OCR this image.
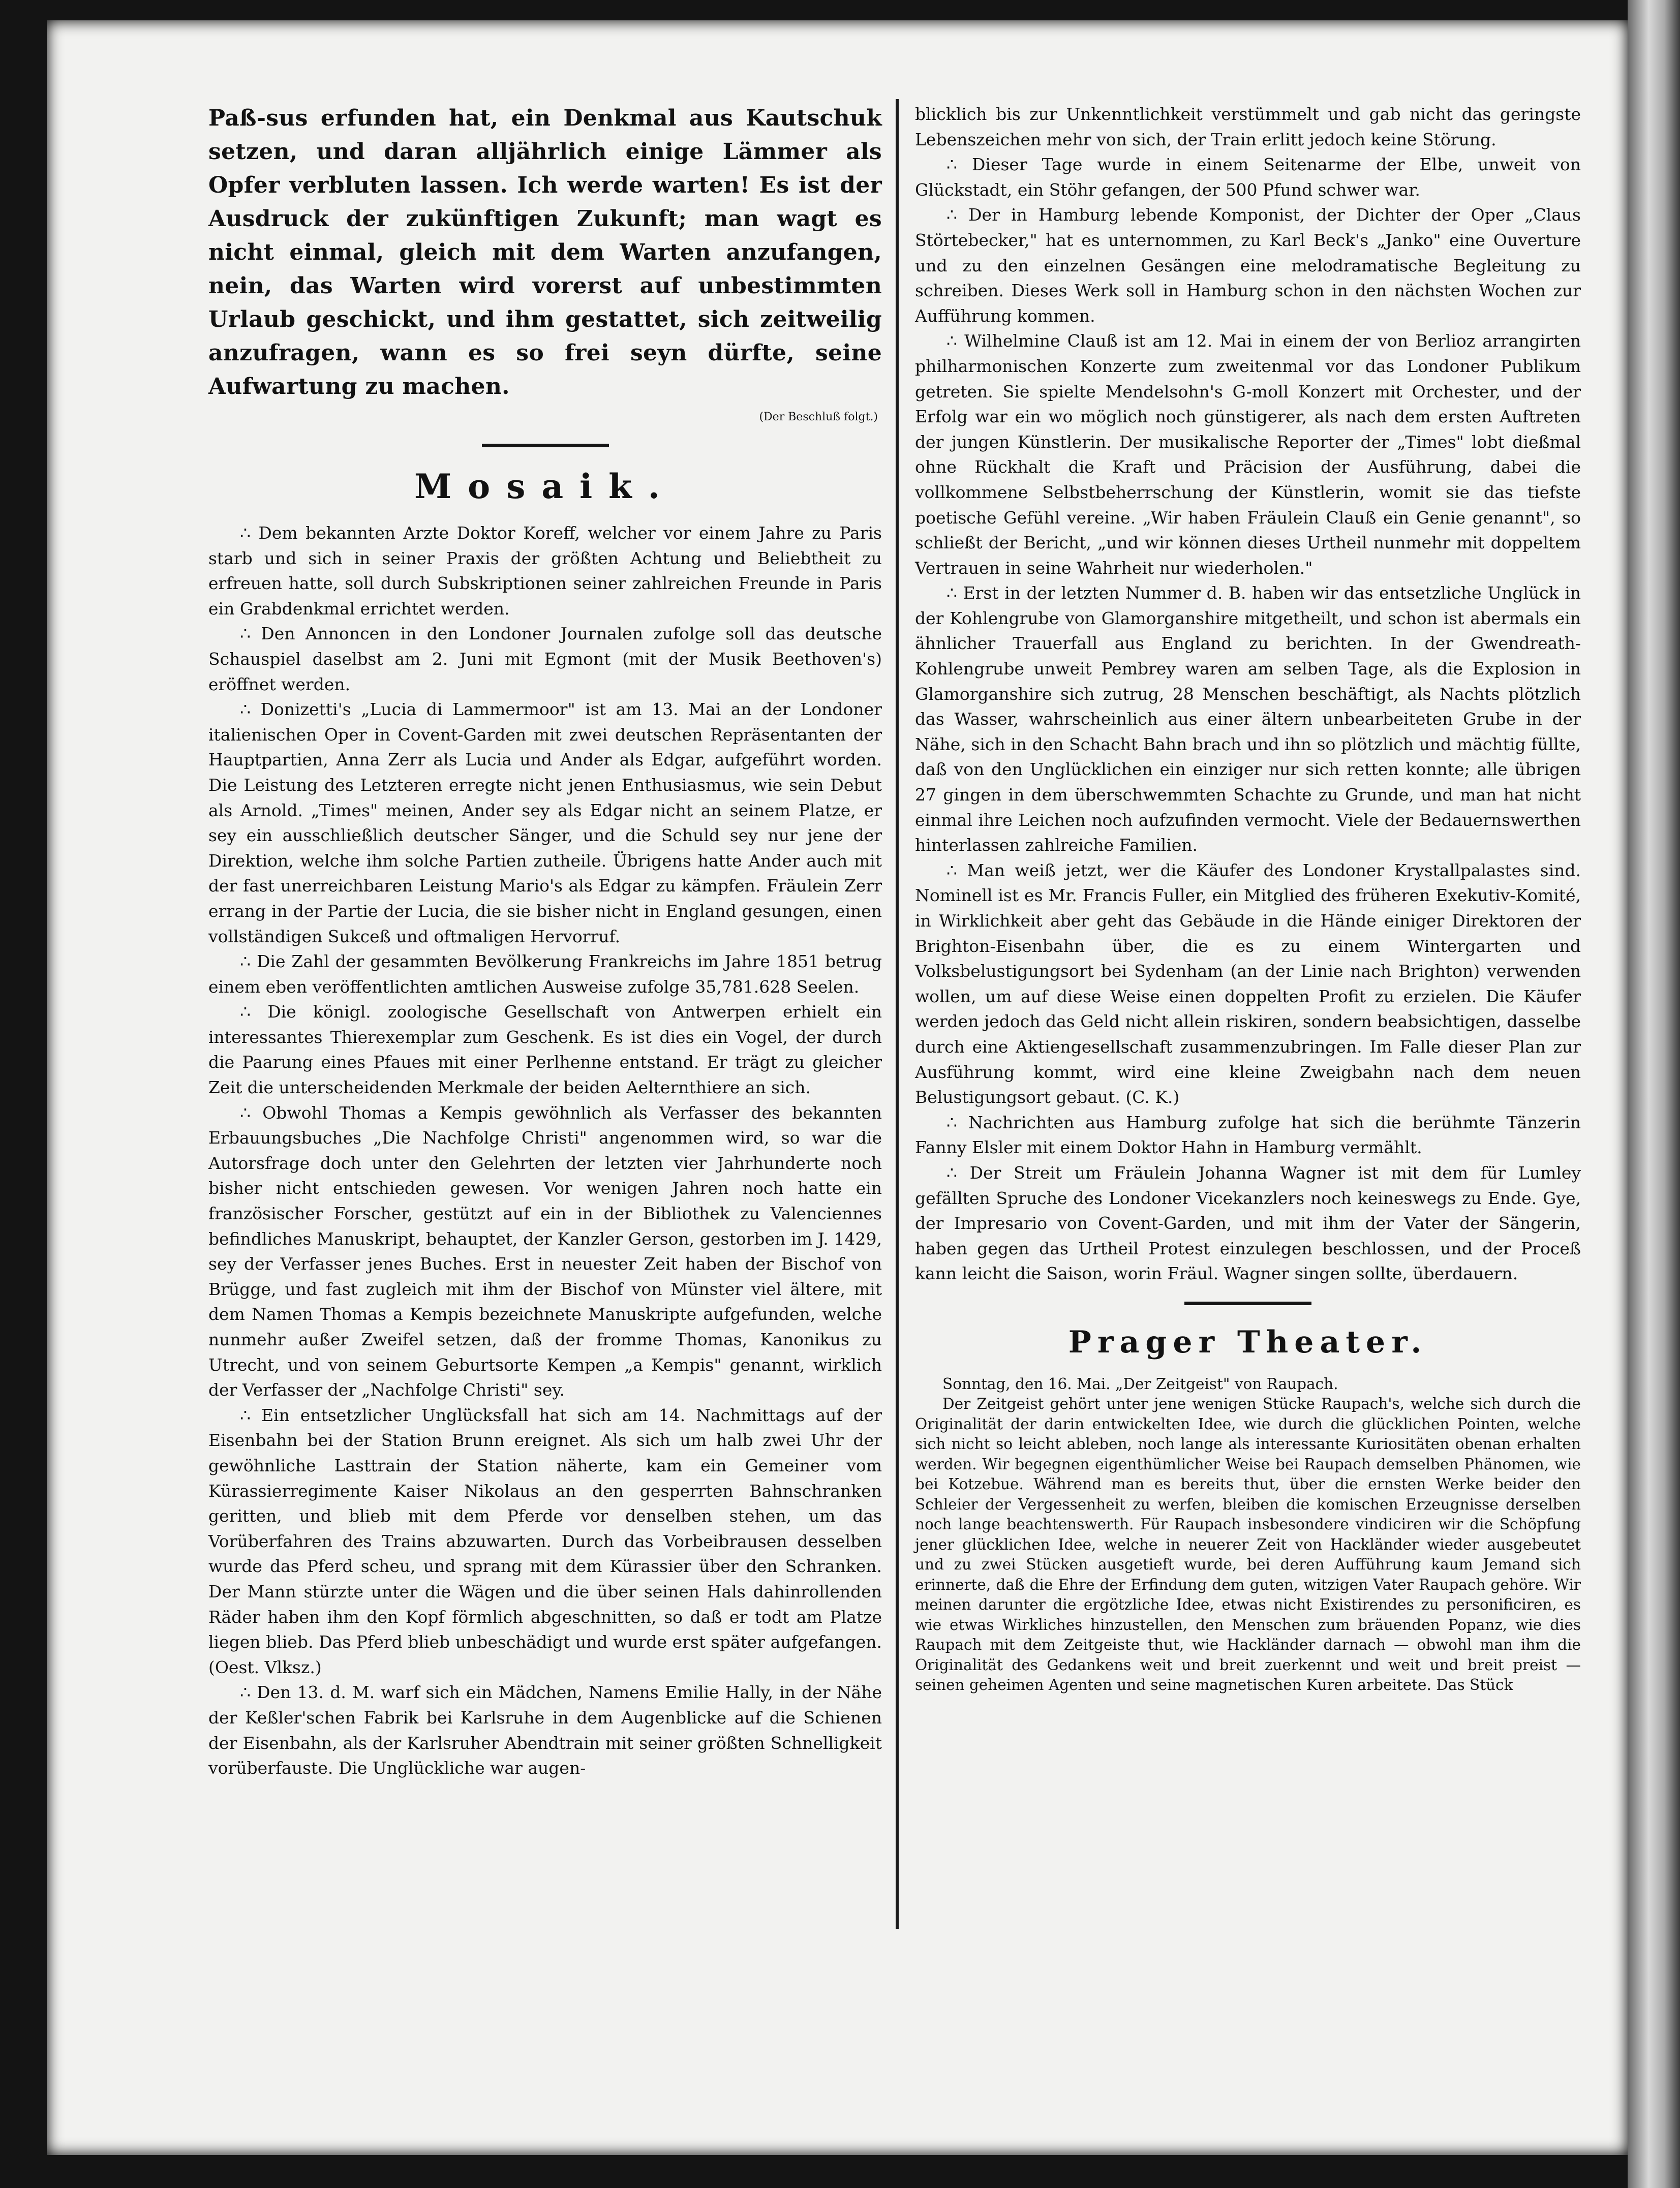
Paß-sus erfunden hat, ein Denkmal aus Kautschuk setzen, und daran alljährlich einige Lämmer als Opfer verbluten lassen. Ich werde warten! Es ist der Ausdruck der zukünftigen Zukunft; man wagt es nicht einmal, gleich mit dem Warten anzufangen, nein, das Warten wird vorerst auf unbestimmten Urlaub geschickt, und ihm gestattet, sich zeitweilig anzufragen, wann es so frei seyn dürfte, seine Aufwartung zu machen.

(Der Beschluß folgt.)

Mosaik.

∴ Dem bekannten Arzte Doktor Koreff, welcher vor einem Jahre zu Paris starb und sich in seiner Praxis der größten Achtung und Beliebtheit zu erfreuen hatte, soll durch Subskriptionen seiner zahlreichen Freunde in Paris ein Grabdenkmal errichtet werden.

∴ Den Annoncen in den Londoner Journalen zufolge soll das deutsche Schauspiel daselbst am 2. Juni mit Egmont (mit der Musik Beethoven's) eröffnet werden.

∴ Donizetti's „Lucia di Lammermoor" ist am 13. Mai an der Londoner italienischen Oper in Covent-Garden mit zwei deutschen Repräsentanten der Hauptpartien, Anna Zerr als Lucia und Ander als Edgar, aufgeführt worden. Die Leistung des Letzteren erregte nicht jenen Enthusiasmus, wie sein Debut als Arnold. „Times" meinen, Ander sey als Edgar nicht an seinem Platze, er sey ein ausschließlich deutscher Sänger, und die Schuld sey nur jene der Direktion, welche ihm solche Partien zutheile. Übrigens hatte Ander auch mit der fast unerreichbaren Leistung Mario's als Edgar zu kämpfen. Fräulein Zerr errang in der Partie der Lucia, die sie bisher nicht in England gesungen, einen vollständigen Sukceß und oftmaligen Hervorruf.

∴ Die Zahl der gesammten Bevölkerung Frankreichs im Jahre 1851 betrug einem eben veröffentlichten amtlichen Ausweise zufolge 35,781.628 Seelen.

∴ Die königl. zoologische Gesellschaft von Antwerpen erhielt ein interessantes Thierexemplar zum Geschenk. Es ist dies ein Vogel, der durch die Paarung eines Pfaues mit einer Perlhenne entstand. Er trägt zu gleicher Zeit die unterscheidenden Merkmale der beiden Aelternthiere an sich.

∴ Obwohl Thomas a Kempis gewöhnlich als Verfasser des bekannten Erbauungsbuches „Die Nachfolge Christi" angenommen wird, so war die Autorsfrage doch unter den Gelehrten der letzten vier Jahrhunderte noch bisher nicht entschieden gewesen. Vor wenigen Jahren noch hatte ein französischer Forscher, gestützt auf ein in der Bibliothek zu Valenciennes befindliches Manuskript, behauptet, der Kanzler Gerson, gestorben im J. 1429, sey der Verfasser jenes Buches. Erst in neuester Zeit haben der Bischof von Brügge, und fast zugleich mit ihm der Bischof von Münster viel ältere, mit dem Namen Thomas a Kempis bezeichnete Manuskripte aufgefunden, welche nunmehr außer Zweifel setzen, daß der fromme Thomas, Kanonikus zu Utrecht, und von seinem Geburtsorte Kempen „a Kempis" genannt, wirklich der Verfasser der „Nachfolge Christi" sey.

∴ Ein entsetzlicher Unglücksfall hat sich am 14. Nachmittags auf der Eisenbahn bei der Station Brunn ereignet. Als sich um halb zwei Uhr der gewöhnliche Lasttrain der Station näherte, kam ein Gemeiner vom Kürassierregimente Kaiser Nikolaus an den gesperrten Bahnschranken geritten, und blieb mit dem Pferde vor denselben stehen, um das Vorüberfahren des Trains abzuwarten. Durch das Vorbeibrausen desselben wurde das Pferd scheu, und sprang mit dem Kürassier über den Schranken. Der Mann stürzte unter die Wägen und die über seinen Hals dahinrollenden Räder haben ihm den Kopf förmlich abgeschnitten, so daß er todt am Platze liegen blieb. Das Pferd blieb unbeschädigt und wurde erst später aufgefangen. (Oest. Vlksz.)

∴ Den 13. d. M. warf sich ein Mädchen, Namens Emilie Hally, in der Nähe der Keßler'schen Fabrik bei Karlsruhe in dem Augenblicke auf die Schienen der Eisenbahn, als der Karlsruher Abendtrain mit seiner größten Schnelligkeit vorüberfauste. Die Unglückliche war augen-

blicklich bis zur Unkenntlichkeit verstümmelt und gab nicht das geringste Lebenszeichen mehr von sich, der Train erlitt jedoch keine Störung.

∴ Dieser Tage wurde in einem Seitenarme der Elbe, unweit von Glückstadt, ein Stöhr gefangen, der 500 Pfund schwer war.

∴ Der in Hamburg lebende Komponist, der Dichter der Oper „Claus Störtebecker," hat es unternommen, zu Karl Beck's „Janko" eine Ouverture und zu den einzelnen Gesängen eine melodramatische Begleitung zu schreiben. Dieses Werk soll in Hamburg schon in den nächsten Wochen zur Aufführung kommen.

∴ Wilhelmine Clauß ist am 12. Mai in einem der von Berlioz arrangirten philharmonischen Konzerte zum zweitenmal vor das Londoner Publikum getreten. Sie spielte Mendelsohn's G-moll Konzert mit Orchester, und der Erfolg war ein wo möglich noch günstigerer, als nach dem ersten Auftreten der jungen Künstlerin. Der musikalische Reporter der „Times" lobt dießmal ohne Rückhalt die Kraft und Präcision der Ausführung, dabei die vollkommene Selbstbeherrschung der Künstlerin, womit sie das tiefste poetische Gefühl vereine. „Wir haben Fräulein Clauß ein Genie genannt", so schließt der Bericht, „und wir können dieses Urtheil nunmehr mit doppeltem Vertrauen in seine Wahrheit nur wiederholen."

∴ Erst in der letzten Nummer d. B. haben wir das entsetzliche Unglück in der Kohlengrube von Glamorganshire mitgetheilt, und schon ist abermals ein ähnlicher Trauerfall aus England zu berichten. In der Gwendreath-Kohlengrube unweit Pembrey waren am selben Tage, als die Explosion in Glamorganshire sich zutrug, 28 Menschen beschäftigt, als Nachts plötzlich das Wasser, wahrscheinlich aus einer ältern unbearbeiteten Grube in der Nähe, sich in den Schacht Bahn brach und ihn so plötzlich und mächtig füllte, daß von den Unglücklichen ein einziger nur sich retten konnte; alle übrigen 27 gingen in dem überschwemmten Schachte zu Grunde, und man hat nicht einmal ihre Leichen noch aufzufinden vermocht. Viele der Bedauernswerthen hinterlassen zahlreiche Familien.

∴ Man weiß jetzt, wer die Käufer des Londoner Krystallpalastes sind. Nominell ist es Mr. Francis Fuller, ein Mitglied des früheren Exekutiv-Komité, in Wirklichkeit aber geht das Gebäude in die Hände einiger Direktoren der Brighton-Eisenbahn über, die es zu einem Wintergarten und Volksbelustigungsort bei Sydenham (an der Linie nach Brighton) verwenden wollen, um auf diese Weise einen doppelten Profit zu erzielen. Die Käufer werden jedoch das Geld nicht allein riskiren, sondern beabsichtigen, dasselbe durch eine Aktiengesellschaft zusammenzubringen. Im Falle dieser Plan zur Ausführung kommt, wird eine kleine Zweigbahn nach dem neuen Belustigungsort gebaut. (C. K.)

∴ Nachrichten aus Hamburg zufolge hat sich die berühmte Tänzerin Fanny Elsler mit einem Doktor Hahn in Hamburg vermählt.

∴ Der Streit um Fräulein Johanna Wagner ist mit dem für Lumley gefällten Spruche des Londoner Vicekanzlers noch keineswegs zu Ende. Gye, der Impresario von Covent-Garden, und mit ihm der Vater der Sängerin, haben gegen das Urtheil Protest einzulegen beschlossen, und der Proceß kann leicht die Saison, worin Fräul. Wagner singen sollte, überdauern.

Prager Theater.

Sonntag, den 16. Mai. „Der Zeitgeist" von Raupach.

Der Zeitgeist gehört unter jene wenigen Stücke Raupach's, welche sich durch die Originalität der darin entwickelten Idee, wie durch die glücklichen Pointen, welche sich nicht so leicht ableben, noch lange als interessante Kuriositäten obenan erhalten werden. Wir begegnen eigenthümlicher Weise bei Raupach demselben Phänomen, wie bei Kotzebue. Während man es bereits thut, über die ernsten Werke beider den Schleier der Vergessenheit zu werfen, bleiben die komischen Erzeugnisse derselben noch lange beachtenswerth. Für Raupach insbesondere vindiciren wir die Schöpfung jener glücklichen Idee, welche in neuerer Zeit von Hackländer wieder ausgebeutet und zu zwei Stücken ausgetieft wurde, bei deren Aufführung kaum Jemand sich erinnerte, daß die Ehre der Erfindung dem guten, witzigen Vater Raupach gehöre. Wir meinen darunter die ergötzliche Idee, etwas nicht Existirendes zu personificiren, es wie etwas Wirkliches hinzustellen, den Menschen zum bräuenden Popanz, wie dies Raupach mit dem Zeitgeiste thut, wie Hackländer darnach — obwohl man ihm die Originalität des Gedankens weit und breit zuerkennt und weit und breit preist — seinen geheimen Agenten und seine magnetischen Kuren arbeitete. Das Stück
